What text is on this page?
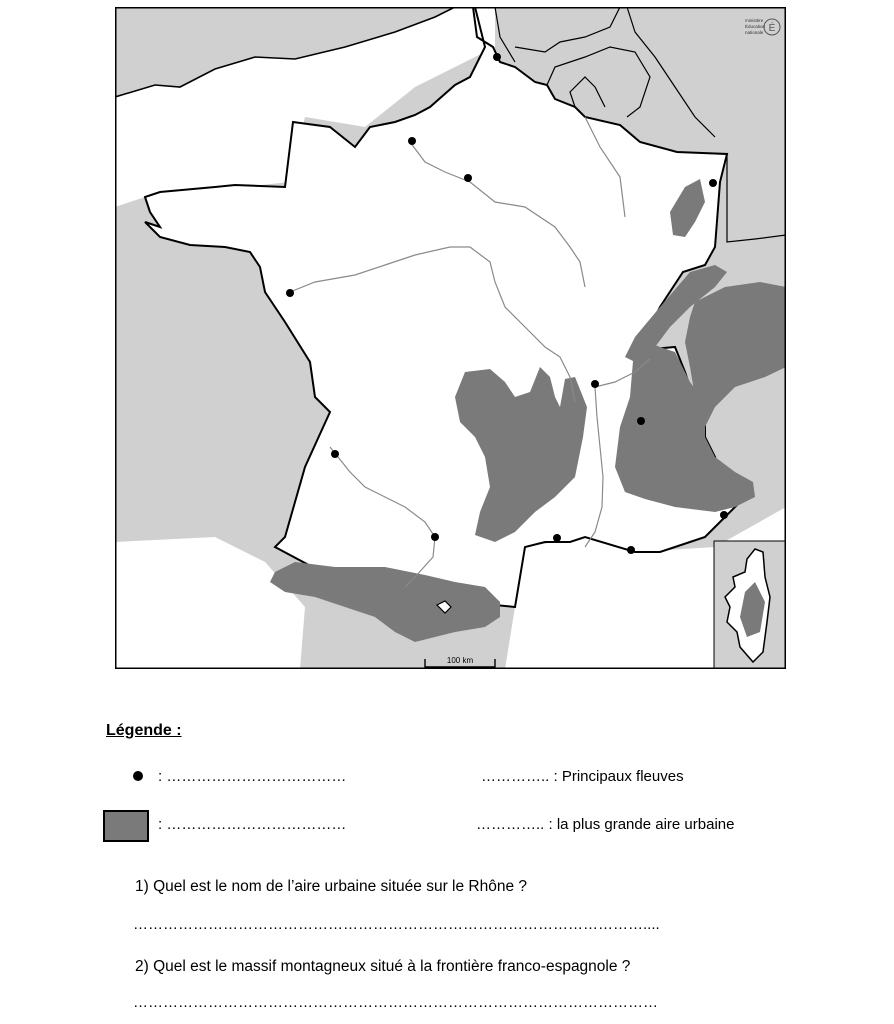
100 km
ministère
Éducation
nationale É
Légende :
: ………………………………	………….. : Principaux fleuves
: ………………………………	………….. : la plus grande aire urbaine
1) Quel est le nom de l’aire urbaine située sur le Rhône ?
…………………………………………………………………………………………....
2) Quel est le massif montagneux situé à la frontière franco-espagnole ?
……………………………………………………………………………………………
